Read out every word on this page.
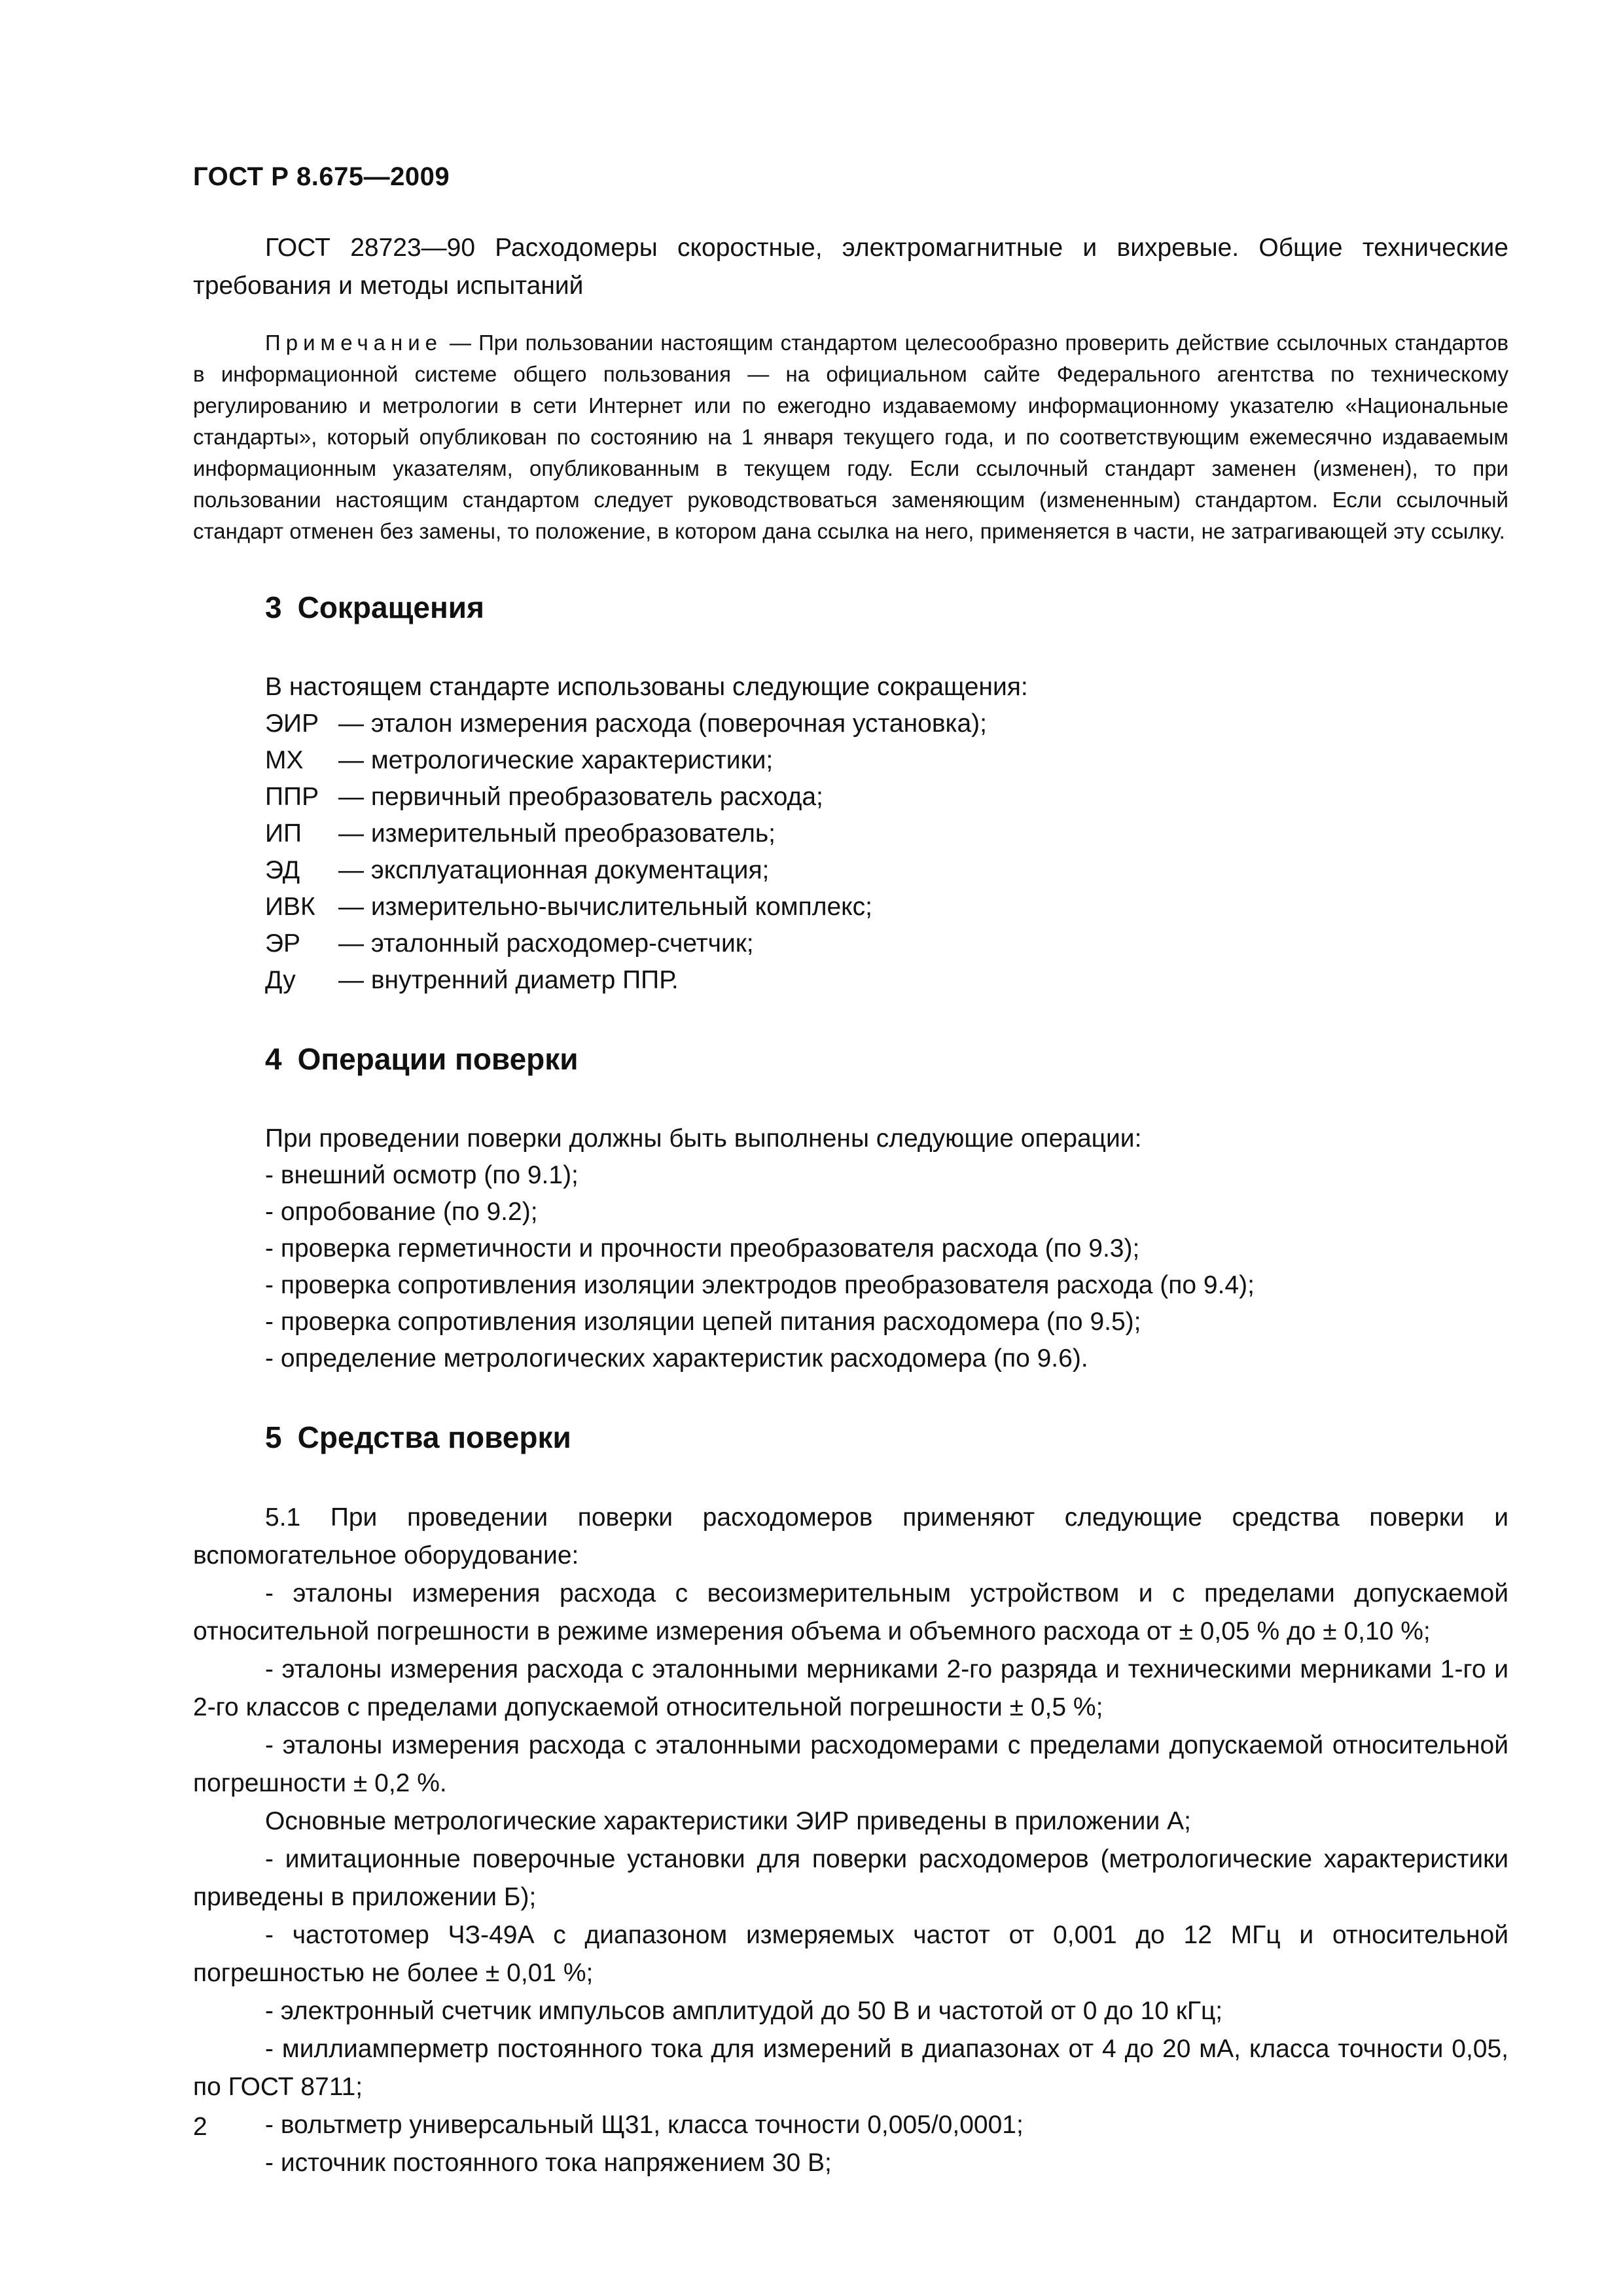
ГОСТ Р 8.675—2009

ГОСТ 28723—90 Расходомеры скоростные, электромагнитные и вихревые. Общие технические требования и методы испытаний

Примечание — При пользовании настоящим стандартом целесообразно проверить действие ссылочных стандартов в информационной системе общего пользования — на официальном сайте Федерального агентства по техническому регулированию и метрологии в сети Интернет или по ежегодно издаваемому информационному указателю «Национальные стандарты», который опубликован по состоянию на 1 января текущего года, и по соответствующим ежемесячно издаваемым информационным указателям, опубликованным в текущем году. Если ссылочный стандарт заменен (изменен), то при пользовании настоящим стандартом следует руководствоваться заменяющим (измененным) стандартом. Если ссылочный стандарт отменен без замены, то положение, в котором дана ссылка на него, применяется в части, не затрагивающей эту ссылку.

3 Сокращения
В настоящем стандарте использованы следующие сокращения:
ЭИР — эталон измерения расхода (поверочная установка);
МХ	— метрологические характеристики;
ППР — первичный преобразователь расхода;
ИП	— измерительный преобразователь;
ЭД	— эксплуатационная документация;
ИВК — измерительно-вычислительный комплекс;
ЭР	— эталонный расходомер-счетчик;
Ду	— внутренний диаметр ППР.
4 Операции поверки
При проведении поверки должны быть выполнены следующие операции:
- внешний осмотр (по 9.1);
- опробование (по 9.2);
- проверка герметичности и прочности преобразователя расхода (по 9.3);
- проверка сопротивления изоляции электродов преобразователя расхода (по 9.4);
- проверка сопротивления изоляции цепей питания расходомера (по 9.5);
- определение метрологических характеристик расходомера (по 9.6).
5 Средства поверки

5.1 При проведении поверки расходомеров применяют следующие средства поверки и вспомогательное оборудование:

- эталоны измерения расхода с весоизмерительным устройством и с пределами допускаемой относительной погрешности в режиме измерения объема и объемного расхода от ± 0,05 % до ± 0,10 %;

- эталоны измерения расхода с эталонными мерниками 2-го разряда и техническими мерниками 1-го и 2-го классов с пределами допускаемой относительной погрешности ± 0,5 %;

- эталоны измерения расхода с эталонными расходомерами с пределами допускаемой относительной погрешности ± 0,2 %.

Основные метрологические характеристики ЭИР приведены в приложении А;

- имитационные поверочные установки для поверки расходомеров (метрологические характеристики приведены в приложении Б);

- частотомер ЧЗ-49А с диапазоном измеряемых частот от 0,001 до 12 МГц и относительной погрешностью не более ± 0,01 %;

- электронный счетчик импульсов амплитудой до 50 В и частотой от 0 до 10 кГц;

- миллиамперметр постоянного тока для измерений в диапазонах от 4 до 20 мА, класса точности 0,05, по ГОСТ 8711;

- вольтметр универсальный Щ31, класса точности 0,005/0,0001;

- источник постоянного тока напряжением 30 В;

2
